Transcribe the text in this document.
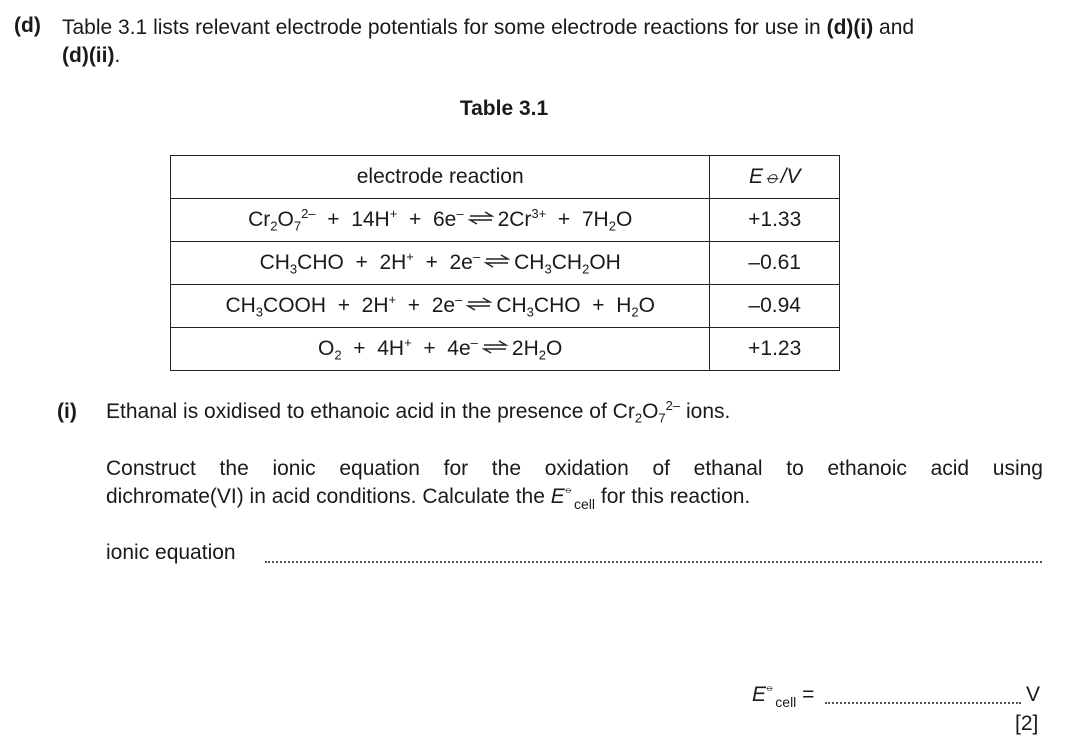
(d) Table 3.1 lists relevant electrode potentials for some electrode reactions for use in (d)(i) and
(d)(ii).
Table 3.1
electrode reaction	E⦵/V
$Cr_2O_7^{2-} + 14H^+ + 6e^-$ ⇌ $2Cr^{3+} + 7H_2O$	+1.33
$CH_3CHO + 2H^+ + 2e^-$ ⇌ $CH_3CH_2OH$	–0.61
$CH_3COOH + 2H^+ + 2e^-$ ⇌ $CH_3CHO + H_2O$	–0.94
$O_2 + 4H^+ + 4e^-$ ⇌ $2H_2O$	+1.23
(i) Ethanal is oxidised to ethanoic acid in the presence of $Cr_2O_7^{2-}$ ions.
Construct the ionic equation for the oxidation of ethanal to ethanoic acid using
dichromate(VI) in acid conditions. Calculate the $E^⦵_{cell}$ for this reaction.
ionic equation
$E^⦵_{cell}$ =	V
[2]
